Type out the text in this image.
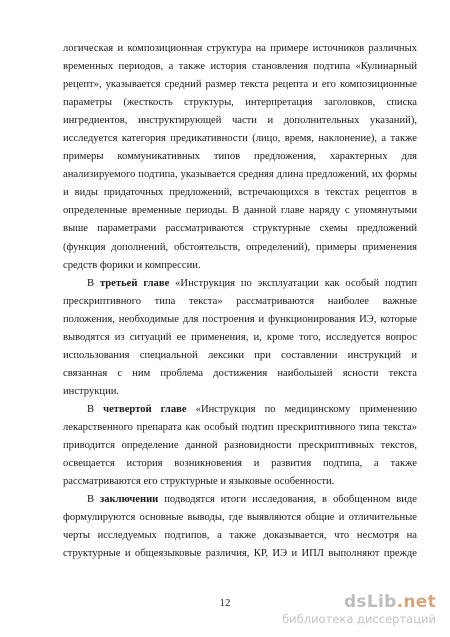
логическая и композиционная структура на примере источников различных
временных периодов, а также история становления подтипа «Кулинарный
рецепт», указывается средний размер текста рецепта и его композиционные
параметры (жесткость структуры, интерпретация заголовков, списка
ингредиентов, инструктирующей части и дополнительных указаний),
исследуется категория предикативности (лицо, время, наклонение), а также
примеры коммуникативных типов предложения, характерных для
анализируемого подтипа, указывается средняя длина предложений, их формы
и виды придаточных предложений, встречающихся в текстах рецептов в
определенные временные периоды. В данной главе наряду с упомянутыми
выше параметрами рассматриваются структурные схемы предложений
(функция дополнений, обстоятельств, определений), примеры применения
средств форики и компрессии.
В третьей главе «Инструкция по эксплуатации как особый подтип
прескриптивного типа текста» рассматриваются наиболее важные
положения, необходимые для построения и функционирования ИЭ, которые
выводятся из ситуаций ее применения, и, кроме того, исследуется вопрос
использования специальной лексики при составлении инструкций и
связанная с ним проблема достижения наибольшей ясности текста
инструкции.
В четвертой главе «Инструкция по медицинскому применению
лекарственного препарата как особый подтип прескриптивного типа текста»
приводится определение данной разновидности прескриптивных текстов,
освещается история возникновения и развития подтипа, а также
рассматриваются его структурные и языковые особенности.
В заключении подводятся итоги исследования, в обобщенном виде
формулируются основные выводы, где выявляются общие и отличительные
черты исследуемых подтипов, а также доказывается, что несмотря на
структурные и общеязыковые различия, КР, ИЭ и ИПЛ выполняют прежде
12	dsLib.net
библиотека диссертаций
